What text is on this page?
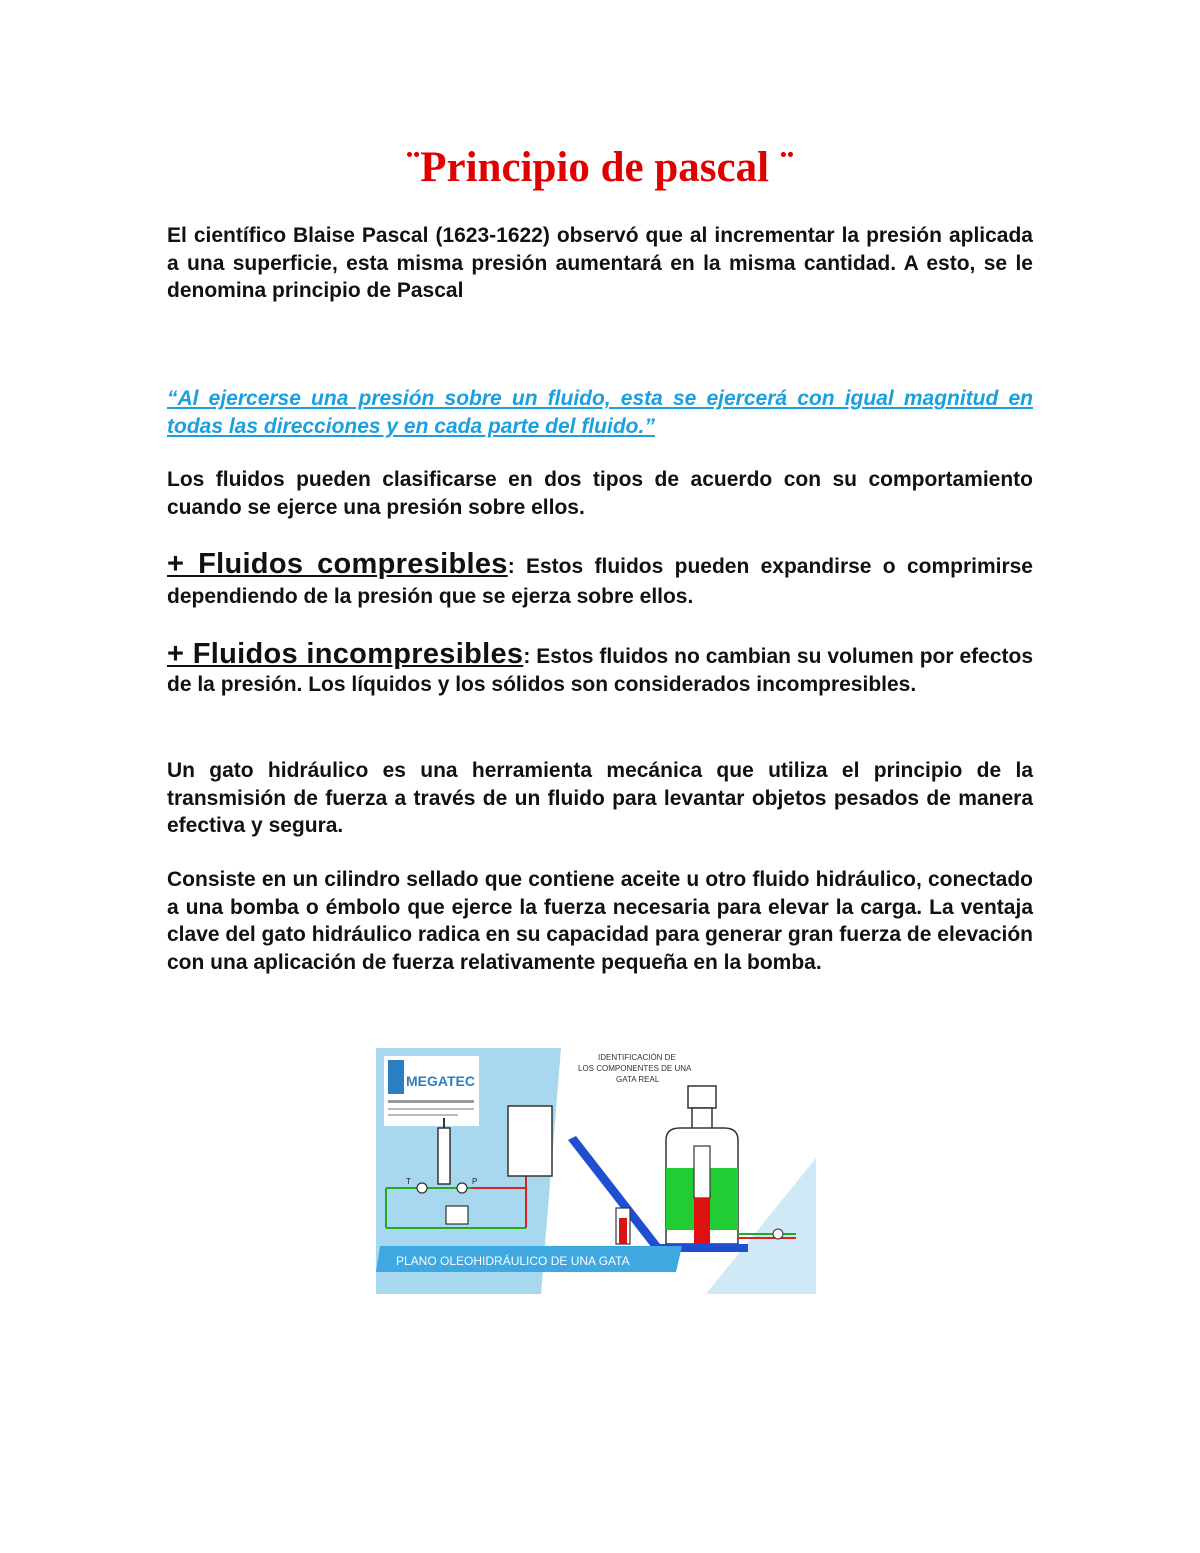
¨Principio de pascal ¨

El científico Blaise Pascal (1623-1622) observó que al incrementar la presión aplicada a una superficie, esta misma presión aumentará en la misma cantidad. A esto, se le denomina principio de Pascal

“Al ejercerse una presión sobre un fluido, esta se ejercerá con igual magnitud en todas las direcciones y en cada parte del fluido.”

Los fluidos pueden clasificarse en dos tipos de acuerdo con su comportamiento cuando se ejerce una presión sobre ellos.

+ Fluidos compresibles: Estos fluidos pueden expandirse o comprimirse dependiendo de la presión que se ejerza sobre ellos.

+ Fluidos incompresibles: Estos fluidos no cambian su volumen por efectos de la presión. Los líquidos y los sólidos son considerados incompresibles.

Un gato hidráulico es una herramienta mecánica que utiliza el principio de la transmisión de fuerza a través de un fluido para levantar objetos pesados de manera efectiva y segura.

Consiste en un cilindro sellado que contiene aceite u otro fluido hidráulico, conectado a una bomba o émbolo que ejerce la fuerza necesaria para elevar la carga. La ventaja clave del gato hidráulico radica en su capacidad para generar gran fuerza de elevación con una aplicación de fuerza relativamente pequeña en la bomba.

MEGATEC
T	P
IDENTIFICACIÓN DE
LOS COMPONENTES DE UNA
GATA REAL
PLANO OLEOHIDRÁULICO DE UNA GATA
